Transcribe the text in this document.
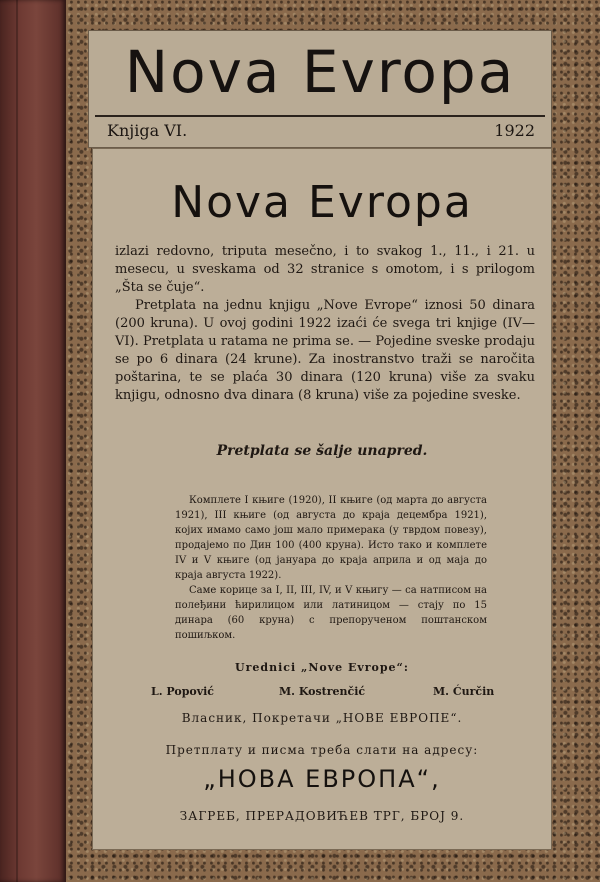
Nova Evropa
Knjiga VI.	1922
Nova Evropa

izlazi redovno, triputa mesečno, i to svakog 1., 11., i 21. u mesecu, u sveskama od 32 stranice s omotom, i s prilogom „Šta se čuje“.

Pretplata na jednu knjigu „Nove Evrope“ iznosi 50 dinara (200 kruna). U ovoj godini 1922 izaći će svega tri knjige (IV—VI). Pretplata u ratama ne prima se. — Pojedine sveske prodaju se po 6 dinara (24 krune). Za inostranstvo traži se naročita poštarina, te se plaća 30 dinara (120 kruna) više za svaku knjigu, odnosno dva dinara (8 kruna) više za pojedine sveske.

Pretplata se šalje unapred.

Комплете I књиге (1920), II књиге (од марта до августа 1921), III књиге (од августа до краја децембра 1921), којих имамо само још мало примерака (у тврдом повезу), продајемо по Дин 100 (400 круна). Исто тако и комплете IV и V књиге (од јануара до краја априла и од маја до краја августа 1922).

Саме корице за I, II, III, IV, и V књигу — са натписом на полеђини ћирилицом или латиницом — стају по 15 динара (60 круна) с препорученом поштанском пошиљком.

Urednici „Nove Evrope“:
L. Popović	M. Kostrenčić	M. Ćurčin
Власник, Покретачи „НОВЕ ЕВРОПЕ“.
Претплату и писма треба слати на адресу:
„НОВА ЕВРОПА“,
ЗАГРЕБ, ПРЕРАДОВИЋЕВ ТРГ, БРОЈ 9.
